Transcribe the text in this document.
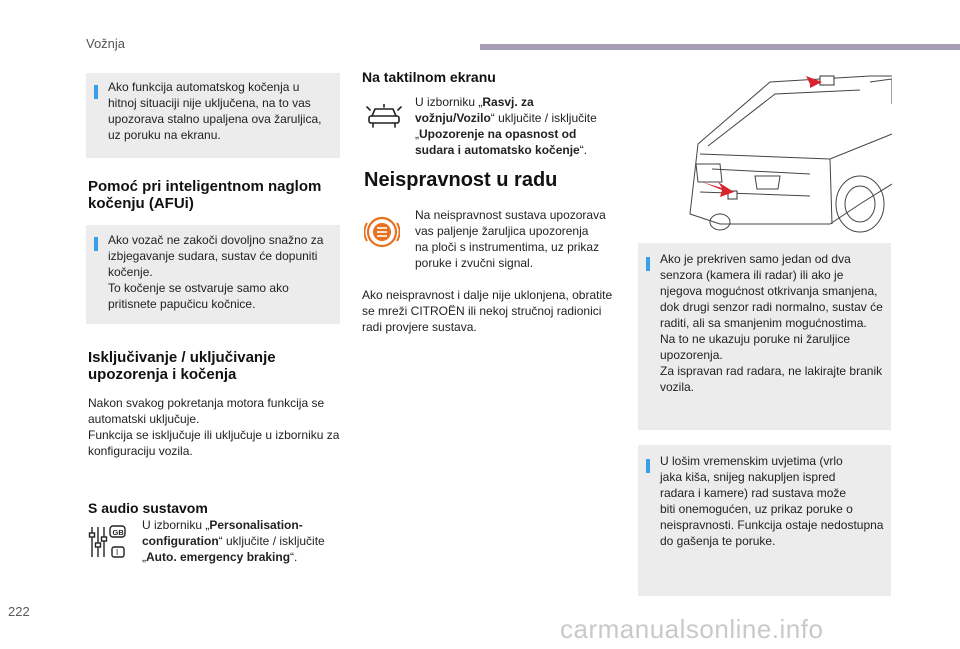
Vožnja
Ako funkcija automatskog kočenja u
hitnoj situaciji nije uključena, na to vas
upozorava stalno upaljena ova žaruljica,
uz poruku na ekranu.
Pomoć pri inteligentnom naglom
kočenju (AFUi)
Ako vozač ne zakoči dovoljno snažno za
izbjegavanje sudara, sustav će dopuniti
kočenje.
To kočenje se ostvaruje samo ako
pritisnete papučicu kočnice.
Isključivanje / uključivanje
upozorenja i kočenja
Nakon svakog pokretanja motora funkcija se
automatski uključuje.
Funkcija se isključuje ili uključuje u izborniku za
konfiguraciju vozila.
S audio sustavom
GB
I
U izborniku „Personalisation-
configuration“ uključite / isključite
„Auto. emergency braking“.
Na taktilnom ekranu
U izborniku „Rasvj. za
vožnju/Vozilo“ uključite / isključite
„Upozorenje na opasnost od
sudara i automatsko kočenje“.
Neispravnost u radu
Na neispravnost sustava upozorava
vas paljenje žaruljica upozorenja
na ploči s instrumentima, uz prikaz
poruke i zvučni signal.
Ako neispravnost i dalje nije uklonjena, obratite
se mreži CITROËN ili nekoj stručnoj radionici
radi provjere sustava.
Ako je prekriven samo jedan od dva
senzora (kamera ili radar) ili ako je
njegova mogućnost otkrivanja smanjena,
dok drugi senzor radi normalno, sustav će
raditi, ali sa smanjenim mogućnostima.
Na to ne ukazuju poruke ni žaruljice
upozorenja.
Za ispravan rad radara, ne lakirajte branik
vozila.
U lošim vremenskim uvjetima (vrlo
jaka kiša, snijeg nakupljen ispred
radara i kamere) rad sustava može
biti onemogućen, uz prikaz poruke o
neispravnosti. Funkcija ostaje nedostupna
do gašenja te poruke.
222
carmanualsonline.info
